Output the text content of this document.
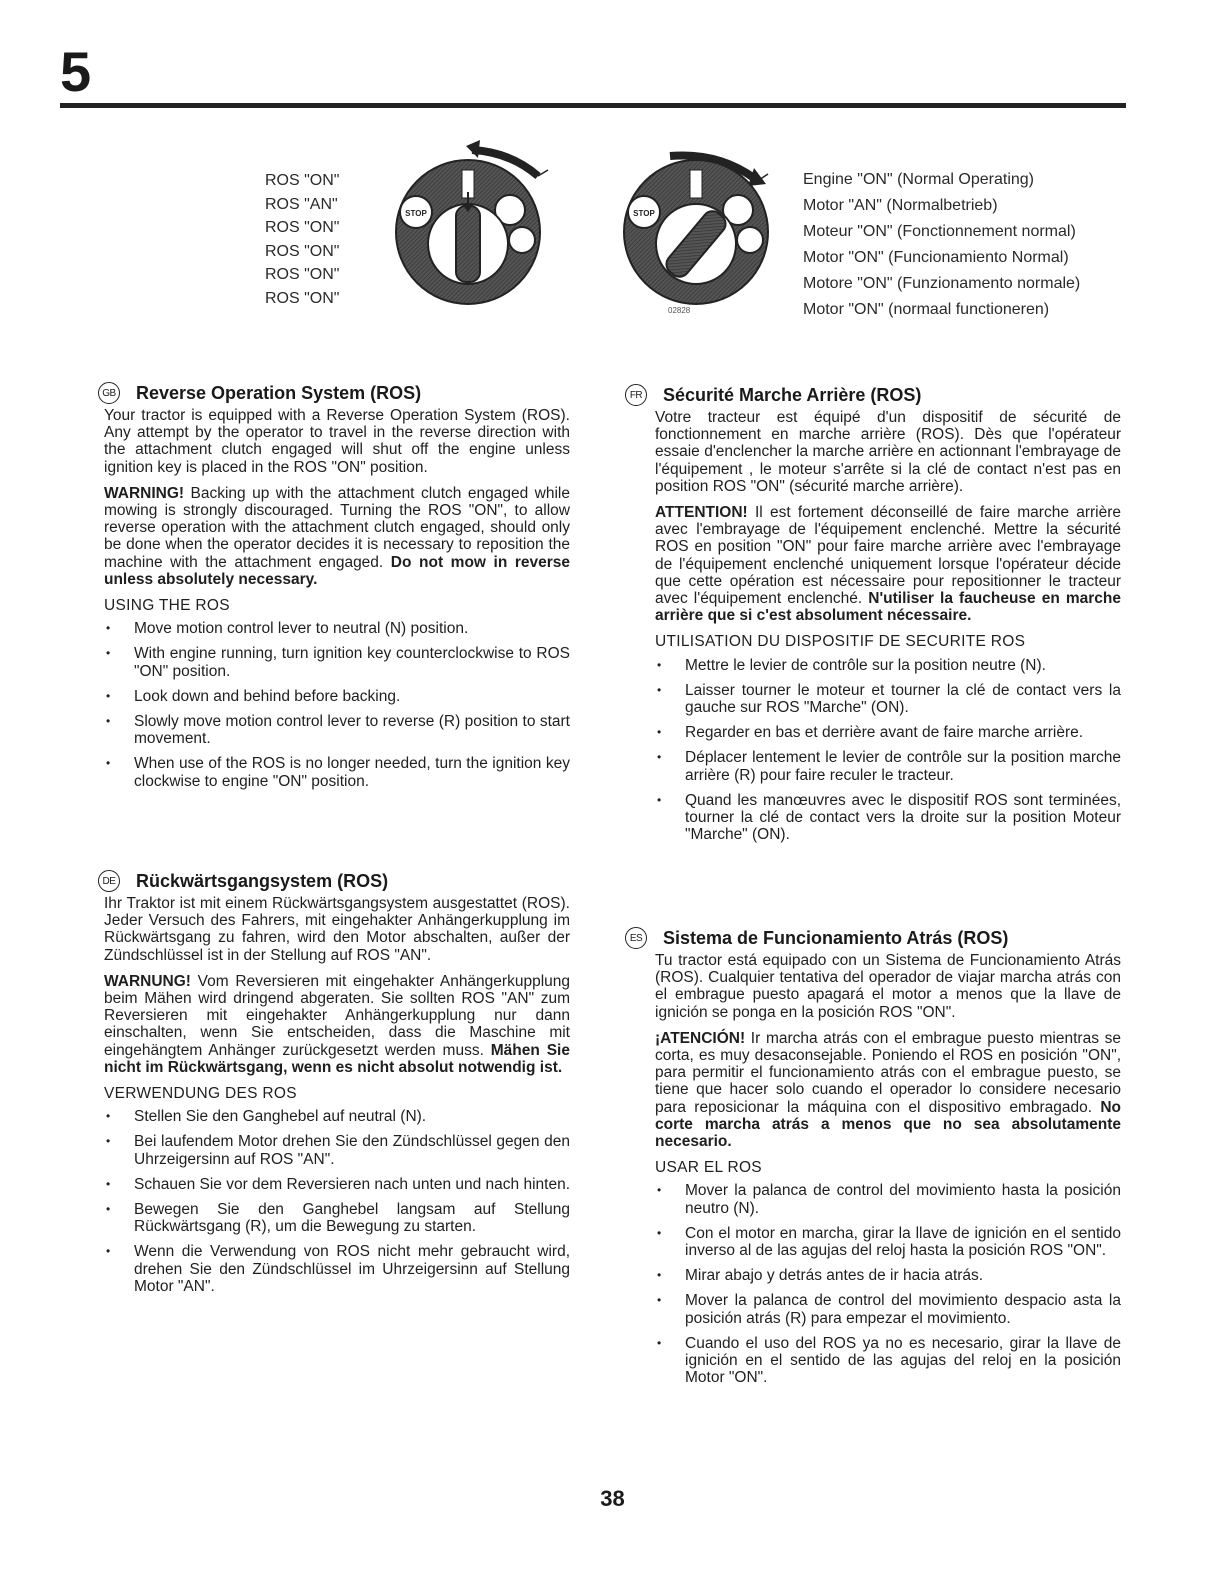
5
ROS "ON"
ROS "AN"
ROS "ON"
ROS "ON"
ROS "ON"
ROS "ON"
STOP	STOP
02828
Engine "ON" (Normal Operating)
Motor "AN" (Normalbetrieb)
Moteur "ON" (Fonctionnement normal)
Motor "ON" (Funcionamiento Normal)
Motore "ON" (Funzionamento normale)
Motor "ON" (normaal functioneren)
GB Reverse Operation System (ROS)

Your tractor is equipped with a Reverse Operation System (ROS). Any attempt by the operator to travel in the reverse direction with the attachment clutch engaged will shut off the engine unless ignition key is placed in the ROS "ON" position.

WARNING! Backing up with the attachment clutch engaged while mowing is strongly discouraged. Turning the ROS "ON", to allow reverse operation with the attachment clutch engaged, should only be done when the operator decides it is necessary to reposition the machine with the attachment engaged. Do not mow in reverse unless absolutely necessary.

USING THE ROS

• Move motion control lever to neutral (N) position.
• With engine running, turn ignition key counterclockwise to ROS "ON" position.
• Look down and behind before backing.
• Slowly move motion control lever to reverse (R) position to start movement.
• When use of the ROS is no longer needed, turn the ignition key clockwise to engine "ON" position.
DE Rückwärtsgangsystem (ROS)

Ihr Traktor ist mit einem Rückwärtsgangsystem ausgestattet (ROS). Jeder Versuch des Fahrers, mit eingehakter Anhängerkupplung im Rückwärtsgang zu fahren, wird den Motor abschalten, außer der Zündschlüssel ist in der Stellung auf ROS "AN".

WARNUNG! Vom Reversieren mit eingehakter Anhängerkupplung beim Mähen wird dringend abgeraten. Sie sollten ROS "AN" zum Reversieren mit eingehakter Anhängerkupplung nur dann einschalten, wenn Sie entscheiden, dass die Maschine mit eingehängtem Anhänger zurückgesetzt werden muss. Mähen Sie nicht im Rückwärtsgang, wenn es nicht absolut notwendig ist.

VERWENDUNG DES ROS

• Stellen Sie den Ganghebel auf neutral (N).
• Bei laufendem Motor drehen Sie den Zündschlüssel gegen den Uhrzeigersinn auf ROS "AN".
• Schauen Sie vor dem Reversieren nach unten und nach hinten.
• Bewegen Sie den Ganghebel langsam auf Stellung Rückwärtsgang (R), um die Bewegung zu starten.
• Wenn die Verwendung von ROS nicht mehr gebraucht wird, drehen Sie den Zündschlüssel im Uhrzeigersinn auf Stellung Motor "AN".
FR Sécurité Marche Arrière (ROS)

Votre tracteur est équipé d'un dispositif de sécurité de fonctionnement en marche arrière (ROS). Dès que l'opérateur essaie d'enclencher la marche arrière en actionnant l'embrayage de l'équipement , le moteur s'arrête si la clé de contact n'est pas en position ROS "ON" (sécurité marche arrière).

ATTENTION! Il est fortement déconseillé de faire marche arrière avec l'embrayage de l'équipement enclenché. Mettre la sécurité ROS en position "ON" pour faire marche arrière avec l'embrayage de l'équipement enclenché uniquement lorsque l'opérateur décide que cette opération est nécessaire pour repositionner le tracteur avec l'équipement enclenché. N'utiliser la faucheuse en marche arrière que si c'est absolument nécessaire.

UTILISATION DU DISPOSITIF DE SECURITE ROS

• Mettre le levier de contrôle sur la position neutre (N).
• Laisser tourner le moteur et tourner la clé de contact vers la gauche sur ROS "Marche" (ON).
• Regarder en bas et derrière avant de faire marche arrière.
• Déplacer lentement le levier de contrôle sur la position marche arrière (R) pour faire reculer le tracteur.
• Quand les manœuvres avec le dispositif ROS sont terminées, tourner la clé de contact vers la droite sur la position Moteur "Marche" (ON).
ES Sistema de Funcionamiento Atrás (ROS)

Tu tractor está equipado con un Sistema de Funcionamiento Atrás (ROS). Cualquier tentativa del operador de viajar marcha atrás con el embrague puesto apagará el motor a menos que la llave de ignición se ponga en la posición ROS "ON".

¡ATENCIÓN! Ir marcha atrás con el embrague puesto mientras se corta, es muy desaconsejable. Poniendo el ROS en posición "ON", para permitir el funcionamiento atrás con el embrague puesto, se tiene que hacer solo cuando el operador lo considere necesario para reposicionar la máquina con el dispositivo embragado. No corte marcha atrás a menos que no sea absolutamente necesario.

USAR EL ROS

• Mover la palanca de control del movimiento hasta la posición neutro (N).
• Con el motor en marcha, girar la llave de ignición en el sentido inverso al de las agujas del reloj hasta la posición ROS "ON".
• Mirar abajo y detrás antes de ir hacia atrás.
• Mover la palanca de control del movimiento despacio asta la posición atrás (R) para empezar el movimiento.
• Cuando el uso del ROS ya no es necesario, girar la llave de ignición en el sentido de las agujas del reloj en la posición Motor "ON".
38
